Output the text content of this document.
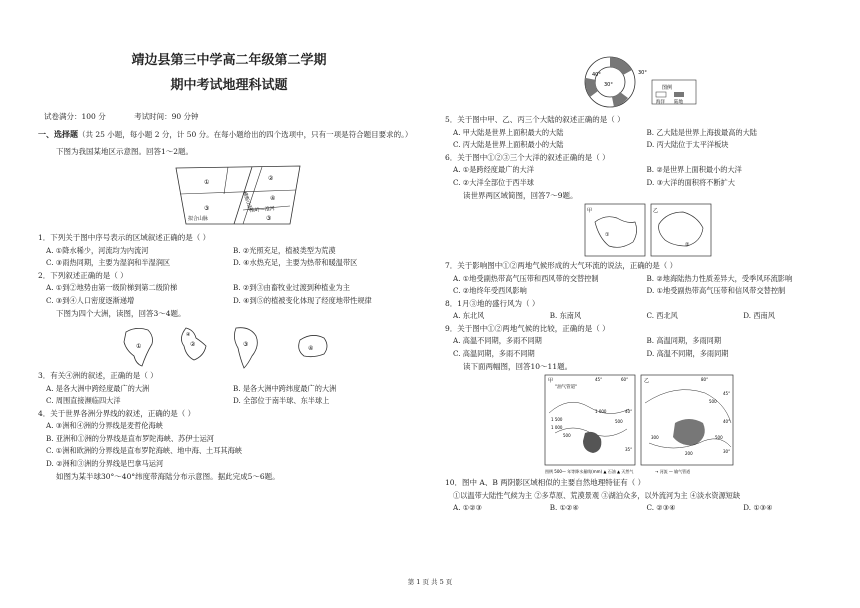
靖边县第三中学高二年级第二学期
期中考试地理科试题
试卷满分：100 分	考试时间：90 分钟
一、选择题（共 25 小题，每小题 2 分，计 50 分。在每小题给出的四个选项中，只有一项是符合题目要求的。）
下图为我国某地区示意图。回答1～2题。
①
②
③
④
③
拟合山脉
南岭—淮河
横断山脉
1．下列关于图中序号表示的区域叙述正确的是（ ）
A. ①降水稀少，河流均为内流河	B. ②光照充足，植被类型为荒漠
C. ③雨热同期，主要为湿润和半湿润区	D. ④水热充足，主要为热带和暖温带区
2．下列叙述正确的是（ ）
A. ①到②地势由第一级阶梯到第二级阶梯	B. ②到③由畜牧业过渡到种植业为主
C. ③到④人口密度逐渐递增	D. ④到⑤的植被变化体现了经度地带性规律
下图为四个大洲，读图，回答3～4题。
①	②	③
④
④
3．有关④洲的叙述，正确的是（ ）
A. 是各大洲中跨经度最广的大洲	B. 是各大洲中跨纬度最广的大洲
C. 周围直接濒临四大洋	D. 全部位于南半球、东半球上
4．关于世界各洲分界线的叙述，正确的是（ ）
A. ③洲和④洲的分界线是麦哲伦海峡
B. 亚洲和①洲的分界线是直布罗陀海峡、苏伊士运河
C. ①洲和欧洲的分界线是直布罗陀海峡、地中海、土耳其海峡
D. ②洲和③洲的分界线是巴拿马运河
如图为某半球30°～40°纬度带海陆分布示意图。据此完成5～6题。
30°
40°	30°
图例
海洋 陆地
5．关于图中甲、乙、丙三个大陆的叙述正确的是（ ）
A. 甲大陆是世界上面积最大的大陆	B. 乙大陆是世界上海拔最高的大陆
C. 丙大陆是世界上面积最小的大陆	D. 丙大陆位于太平洋板块
6．关于图中①②③三个大洋的叙述正确的是（ ）
A. ①是跨经度最广的大洋	B. ②是世界上面积最小的大洋
C. ②大洋全部位于西半球	D. ③大洋的面积将不断扩大
读世界两区域简图，回答7～9题。
甲	乙
①
②
7．关于影响图中①②两地气候形成的大气环流的说法，正确的是（ ）
A. ①地受副热带高气压带和西风带的交替控制	B. ②地海陆热力性质差异大，受季风环流影响
C. ②地终年受西风影响	D. ①地受副热带高气压带和信风带交替控制
8．1月③地的盛行风为（ ）
A. 东北风	B. 东南风	C. 西北风	D. 西南风
9．关于图中①②两地气候的比较，正确的是（ ）
A. 高温不同期，多雨不同期	B. 高温同期，多雨同期
C. 高温同期，多雨不同期	D. 高温不同期，多雨同期
读下面两幅图，回答10～11题。
甲	乙
"油气管道"
1 500
1 000
500
500
1 000
500
300
200
500
45°	60°
40°
35°
80°
45°
40°
30°
图例 500— 年等降水量线(mm) ▲ 石油 ▲ 天然气	→ 河流 — 输气管道
10．图中 A、B 两阴影区域相似的主要自然地理特征有（ ）
①以温带大陆性气候为主 ②多草原、荒漠景观 ③湖泊众多，以外流河为主 ④淡水资源短缺
A. ①②③	B. ①②④	C. ②③④	D. ①③④
第 1 页 共 5 页
